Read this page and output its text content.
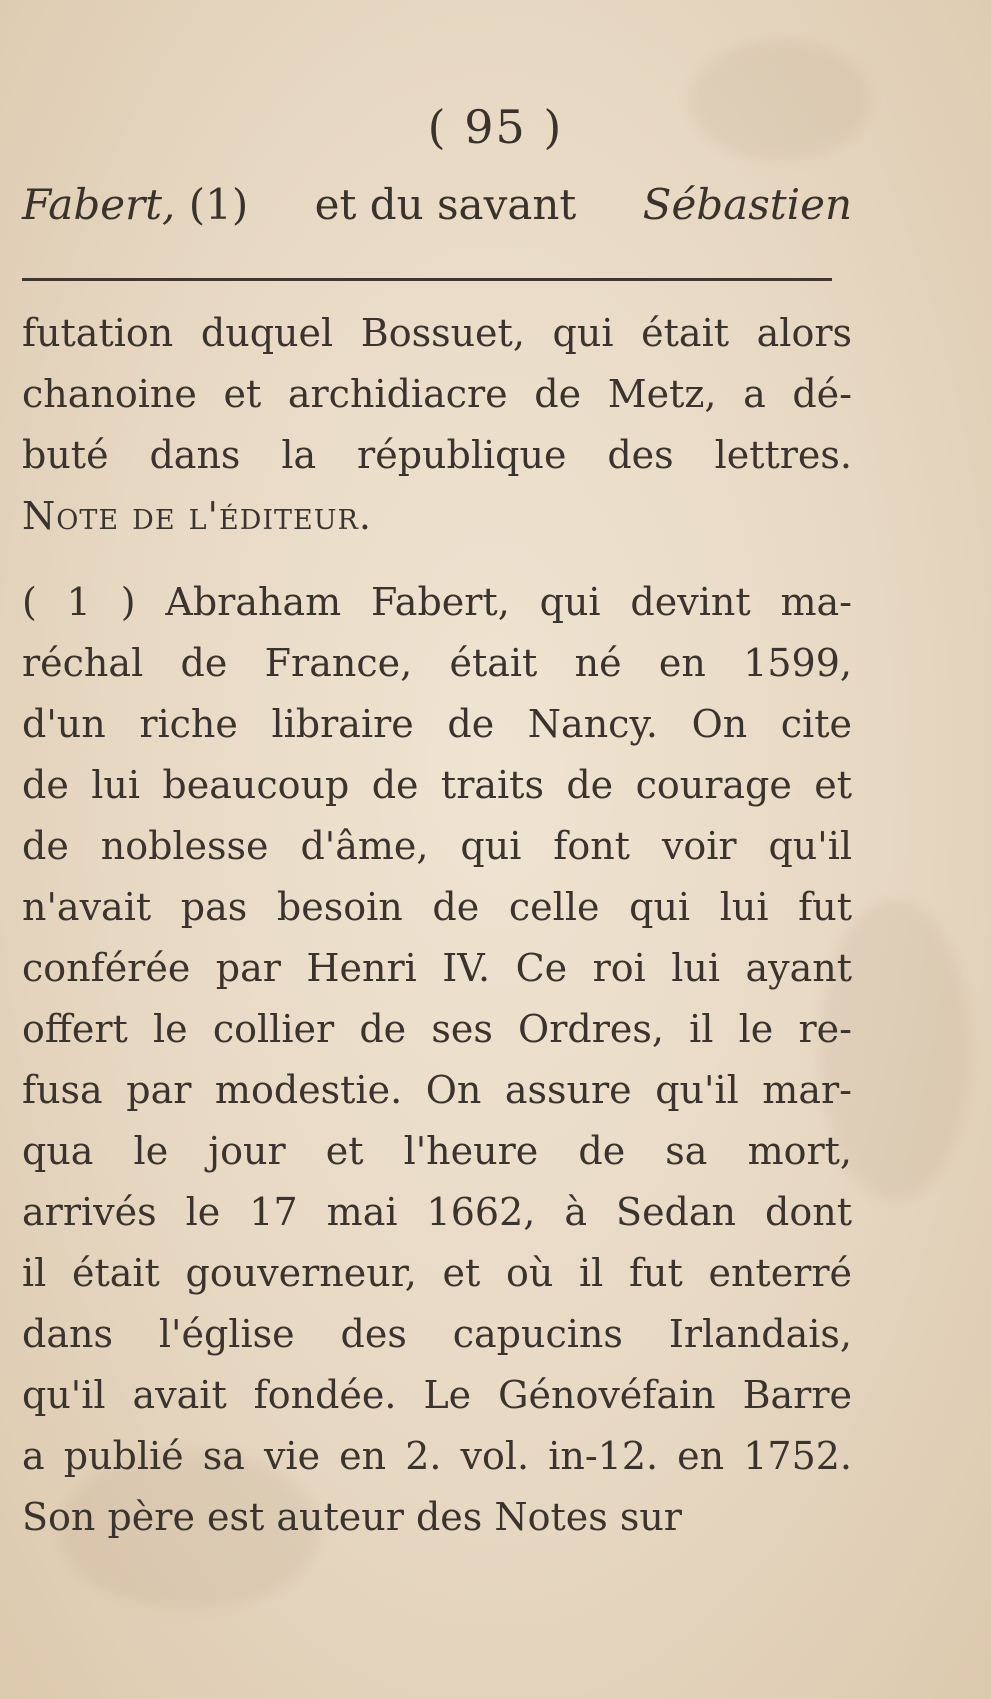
( 95 )
Fabert, (1) et du savant Sébastien
futation duquel Bossuet, qui était alors
chanoine et archidiacre de Metz, a dé-
buté dans la république des lettres.
Note de l'éditeur.
( 1 ) Abraham Fabert, qui devint ma-
réchal de France, était né en 1599,
d'un riche libraire de Nancy. On cite
de lui beaucoup de traits de courage et
de noblesse d'âme, qui font voir qu'il
n'avait pas besoin de celle qui lui fut
conférée par Henri IV. Ce roi lui ayant
offert le collier de ses Ordres, il le re-
fusa par modestie. On assure qu'il mar-
qua le jour et l'heure de sa mort,
arrivés le 17 mai 1662, à Sedan dont
il était gouverneur, et où il fut enterré
dans l'église des capucins Irlandais,
qu'il avait fondée. Le Génovéfain Barre
a publié sa vie en 2. vol. in-12. en 1752.
Son père est auteur des Notes sur
